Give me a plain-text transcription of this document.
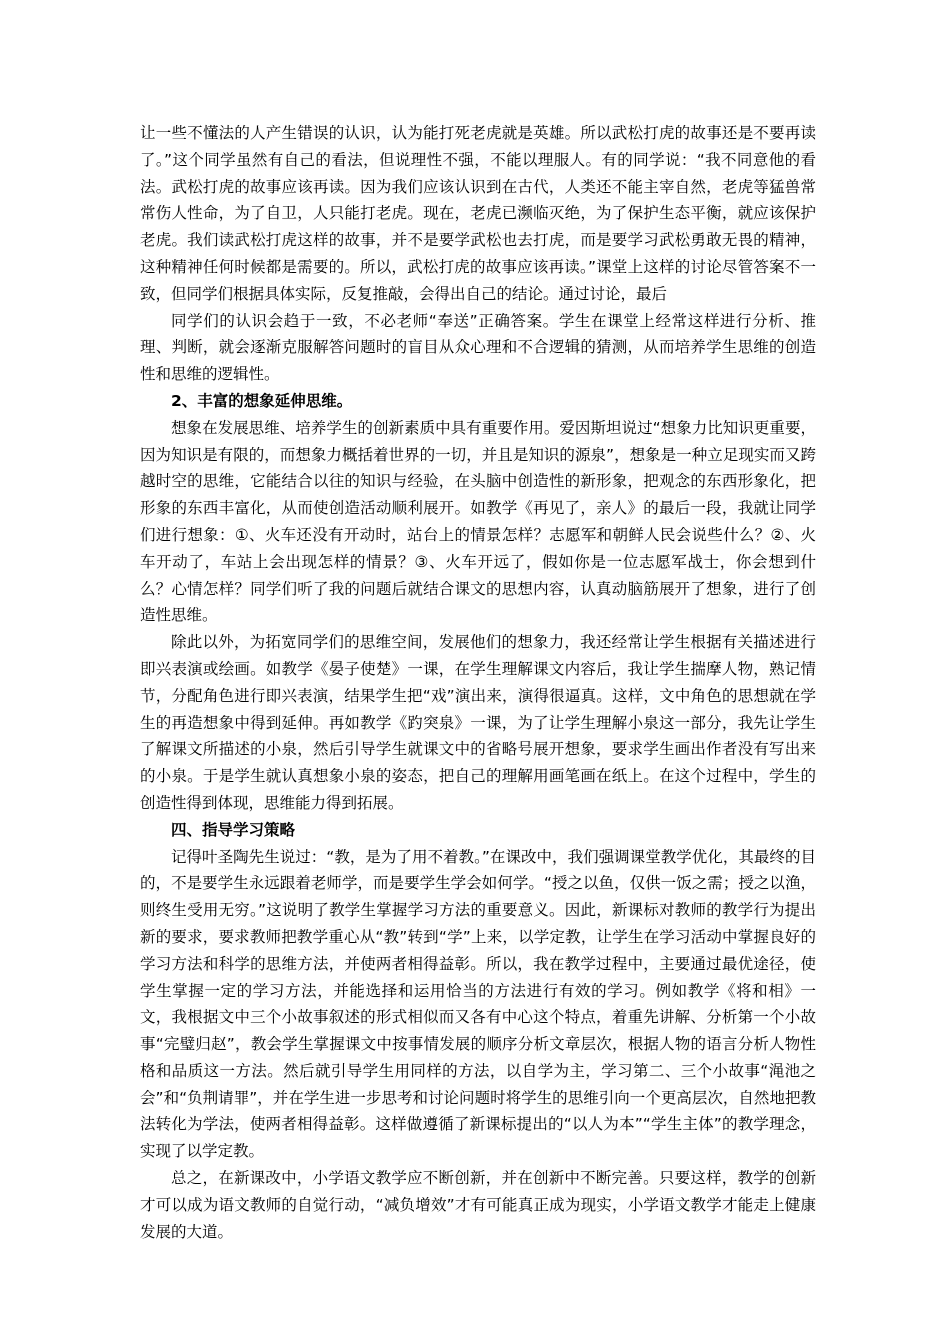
让一些不懂法的人产生错误的认识，认为能打死老虎就是英雄。所以武松打虎的故事还是不要再读了。”这个同学虽然有自己的看法，但说理性不强，不能以理服人。有的同学说：“我不同意他的看法。武松打虎的故事应该再读。因为我们应该认识到在古代，人类还不能主宰自然，老虎等猛兽常常伤人性命，为了自卫，人只能打老虎。现在，老虎已濒临灭绝，为了保护生态平衡，就应该保护老虎。我们读武松打虎这样的故事，并不是要学武松也去打虎，而是要学习武松勇敢无畏的精神，这种精神任何时候都是需要的。所以，武松打虎的故事应该再读。”课堂上这样的讨论尽管答案不一致，但同学们根据具体实际，反复推敲，会得出自己的结论。通过讨论，最后

同学们的认识会趋于一致，不必老师“奉送”正确答案。学生在课堂上经常这样进行分析、推理、判断，就会逐渐克服解答问题时的盲目从众心理和不合逻辑的猜测，从而培养学生思维的创造性和思维的逻辑性。

2、丰富的想象延伸思维。

想象在发展思维、培养学生的创新素质中具有重要作用。爱因斯坦说过“想象力比知识更重要，因为知识是有限的，而想象力概括着世界的一切，并且是知识的源泉”，想象是一种立足现实而又跨越时空的思维，它能结合以往的知识与经验，在头脑中创造性的新形象，把观念的东西形象化，把形象的东西丰富化，从而使创造活动顺利展开。如教学《再见了，亲人》的最后一段，我就让同学们进行想象：①、火车还没有开动时，站台上的情景怎样？志愿军和朝鲜人民会说些什么？②、火车开动了，车站上会出现怎样的情景？③、火车开远了，假如你是一位志愿军战士，你会想到什么？心情怎样？同学们听了我的问题后就结合课文的思想内容，认真动脑筋展开了想象，进行了创造性思维。

除此以外，为拓宽同学们的思维空间，发展他们的想象力，我还经常让学生根据有关描述进行即兴表演或绘画。如教学《晏子使楚》一课，在学生理解课文内容后，我让学生揣摩人物，熟记情节，分配角色进行即兴表演，结果学生把“戏”演出来，演得很逼真。这样，文中角色的思想就在学生的再造想象中得到延伸。再如教学《趵突泉》一课，为了让学生理解小泉这一部分，我先让学生了解课文所描述的小泉，然后引导学生就课文中的省略号展开想象，要求学生画出作者没有写出来的小泉。于是学生就认真想象小泉的姿态，把自己的理解用画笔画在纸上。在这个过程中，学生的创造性得到体现，思维能力得到拓展。

四、指导学习策略

记得叶圣陶先生说过：“教，是为了用不着教。”在课改中，我们强调课堂教学优化，其最终的目的，不是要学生永远跟着老师学，而是要学生学会如何学。“授之以鱼，仅供一饭之需；授之以渔，则终生受用无穷。”这说明了教学生掌握学习方法的重要意义。因此，新课标对教师的教学行为提出新的要求，要求教师把教学重心从“教”转到“学”上来，以学定教，让学生在学习活动中掌握良好的学习方法和科学的思维方法，并使两者相得益彰。所以，我在教学过程中，主要通过最优途径，使学生掌握一定的学习方法，并能选择和运用恰当的方法进行有效的学习。例如教学《将和相》一文，我根据文中三个小故事叙述的形式相似而又各有中心这个特点，着重先讲解、分析第一个小故事“完璧归赵”，教会学生掌握课文中按事情发展的顺序分析文章层次，根据人物的语言分析人物性格和品质这一方法。然后就引导学生用同样的方法，以自学为主，学习第二、三个小故事“渑池之会”和“负荆请罪”，并在学生进一步思考和讨论问题时将学生的思维引向一个更高层次，自然地把教法转化为学法，使两者相得益彰。这样做遵循了新课标提出的“以人为本”“学生主体”的教学理念，实现了以学定教。

总之，在新课改中，小学语文教学应不断创新，并在创新中不断完善。只要这样，教学的创新才可以成为语文教师的自觉行动，“减负增效”才有可能真正成为现实，小学语文教学才能走上健康发展的大道。
